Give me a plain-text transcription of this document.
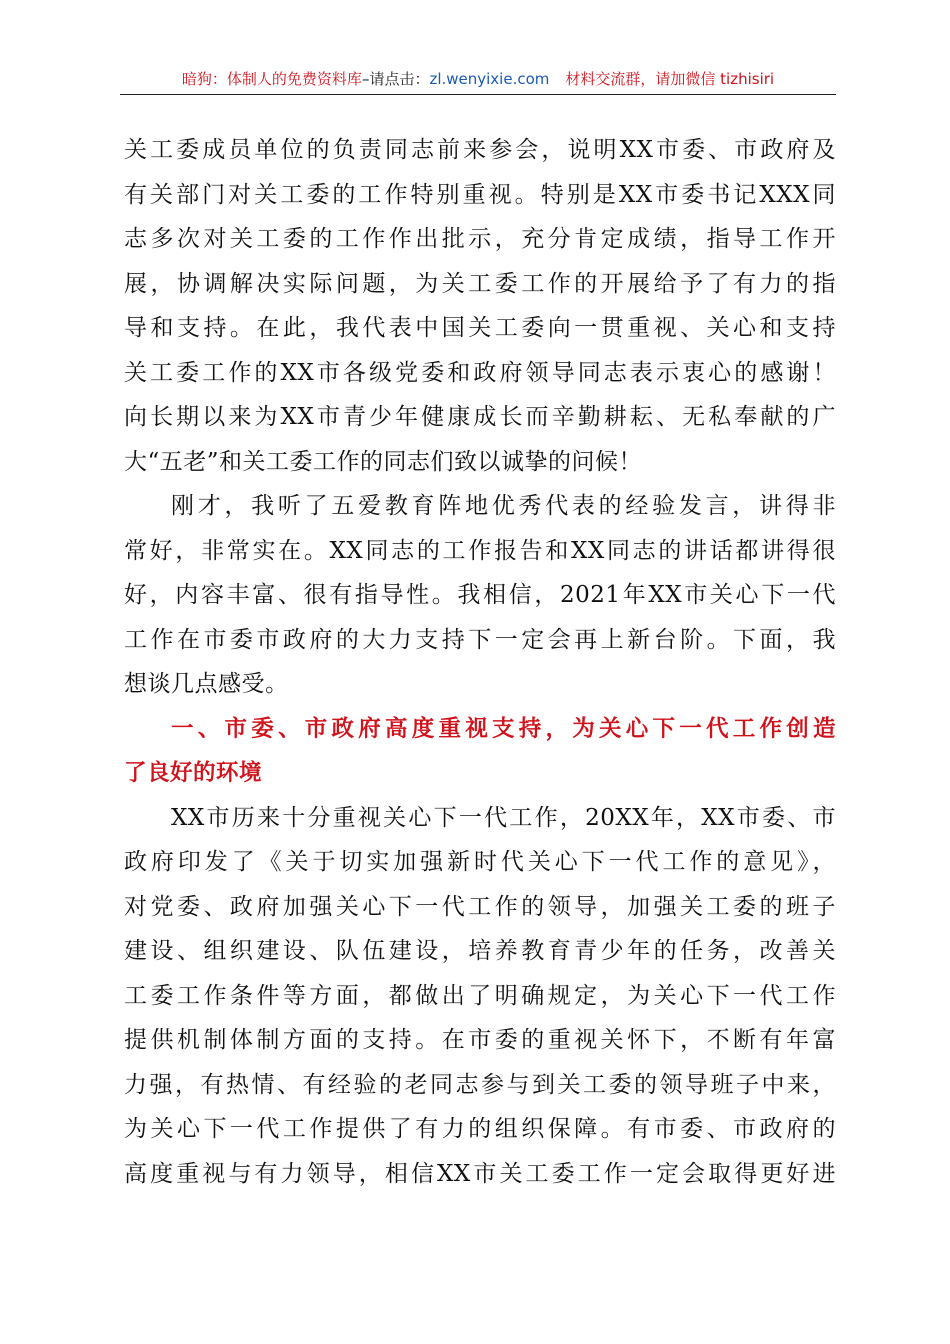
暗狗：体制人的免费资料库–请点击：zl.wenyixie.com 材料交流群，请加微信 tizhisiri
关工委成员单位的负责同志前来参会，说明XX市委、市政府及
有关部门对关工委的工作特别重视。特别是XX市委书记XXX同
志多次对关工委的工作作出批示，充分肯定成绩，指导工作开
展，协调解决实际问题，为关工委工作的开展给予了有力的指
导和支持。在此，我代表中国关工委向一贯重视、关心和支持
关工委工作的XX市各级党委和政府领导同志表示衷心的感谢！
向长期以来为XX市青少年健康成长而辛勤耕耘、无私奉献的广
大“五老”和关工委工作的同志们致以诚挚的问候！
刚才，我听了五爱教育阵地优秀代表的经验发言，讲得非
常好，非常实在。XX同志的工作报告和XX同志的讲话都讲得很
好，内容丰富、很有指导性。我相信，2021年XX市关心下一代
工作在市委市政府的大力支持下一定会再上新台阶。下面，我
想谈几点感受。
一、市委、市政府高度重视支持，为关心下一代工作创造
了良好的环境
XX市历来十分重视关心下一代工作，20XX年，XX市委、市
政府印发了《关于切实加强新时代关心下一代工作的意见》，
对党委、政府加强关心下一代工作的领导，加强关工委的班子
建设、组织建设、队伍建设，培养教育青少年的任务，改善关
工委工作条件等方面，都做出了明确规定，为关心下一代工作
提供机制体制方面的支持。在市委的重视关怀下，不断有年富
力强，有热情、有经验的老同志参与到关工委的领导班子中来，
为关心下一代工作提供了有力的组织保障。有市委、市政府的
高度重视与有力领导，相信XX市关工委工作一定会取得更好进
